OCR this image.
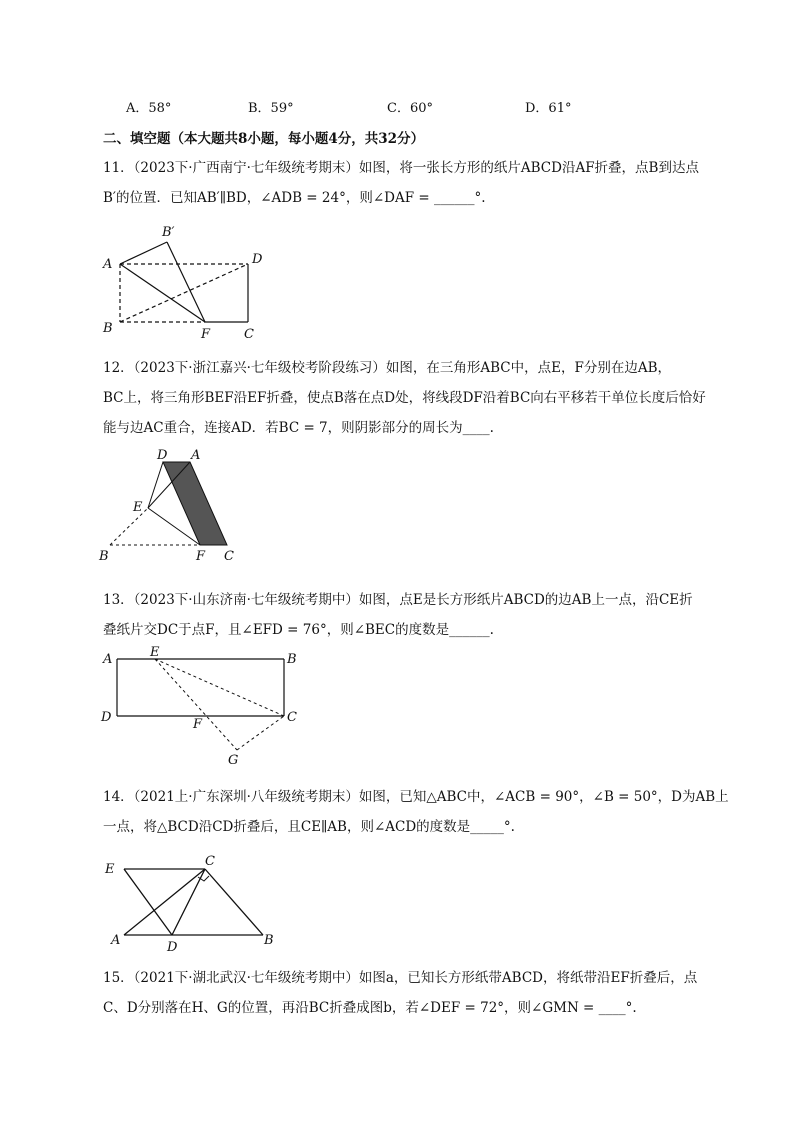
A．58°	B．59°	C．60°	D．61°
二、填空题（本大题共8小题，每小题4分，共32分）
11．（2023下·广西南宁·七年级统考期末）如图，将一张长方形的纸片ABCD沿AF折叠，点B到达点
B′的位置．已知AB′∥BD，∠ADB = 24°，则∠DAF = ______°.
A
B′
D
B	F	C
12．（2023下·浙江嘉兴·七年级校考阶段练习）如图，在三角形ABC中，点E，F分别在边AB，
BC上，将三角形BEF沿EF折叠，使点B落在点D处，将线段DF沿着BC向右平移若干单位长度后恰好
能与边AC重合，连接AD．若BC = 7，则阴影部分的周长为____.
D A
E
B	F C
13．（2023下·山东济南·七年级统考期中）如图，点E是长方形纸片ABCD的边AB上一点，沿CE折
叠纸片交DC于点F，且∠EFD = 76°，则∠BEC的度数是______.
A	E	B
D	C
F
G
14．（2021上·广东深圳·八年级统考期末）如图，已知△ABC中，∠ACB = 90°，∠B = 50°，D为AB上
一点，将△BCD沿CD折叠后，且CE∥AB，则∠ACD的度数是_____°.
E
C
A	D	B
15．（2021下·湖北武汉·七年级统考期中）如图a，已知长方形纸带ABCD，将纸带沿EF折叠后，点
C、D分别落在H、G的位置，再沿BC折叠成图b，若∠DEF = 72°，则∠GMN = ____°.
